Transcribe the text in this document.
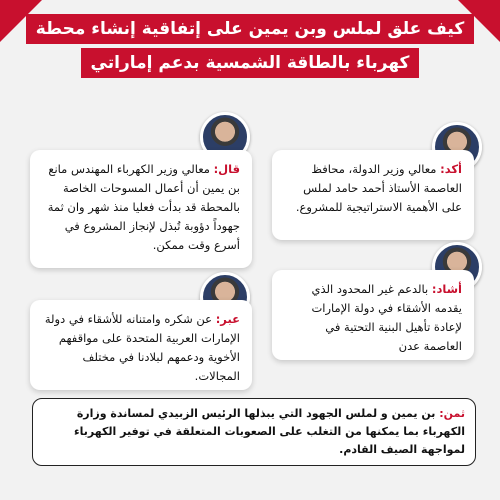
كيف علق لملس وبن يمين على إتفاقية إنشاء محطة
كهرباء بالطاقة الشمسية بدعم إماراتي
أكد: معالي وزير الدولة، محافظ العاصمة الأستاذ أحمد حامد لملس على الأهمية الاستراتيجية للمشروع.
قال: معالي وزير الكهرباء المهندس مانع بن يمين أن أعمال المسوحات الخاصة بالمحطة قد بدأت فعليا منذ شهر وان ثمة جهوداً دؤوبة تُبذل لإنجاز المشروع في أسرع وقت ممكن.
أشاد: بالدعم غير المحدود الذي يقدمه الأشقاء في دولة الإمارات لإعادة تأهيل البنية التحتية في العاصمة عدن
عبر: عن شكره وامتنانه للأشقاء في دولة الإمارات العربية المتحدة على مواقفهم الأخوية ودعمهم لبلادنا في مختلف المجالات.
ثمن: بن يمين و لملس الجهود التي يبذلها الرئيس الزبيدي لمساندة وزارة الكهرباء بما يمكنها من التغلب على الصعوبات المتعلقة في توفير الكهرباء لمواجهة الصيف القادم.
